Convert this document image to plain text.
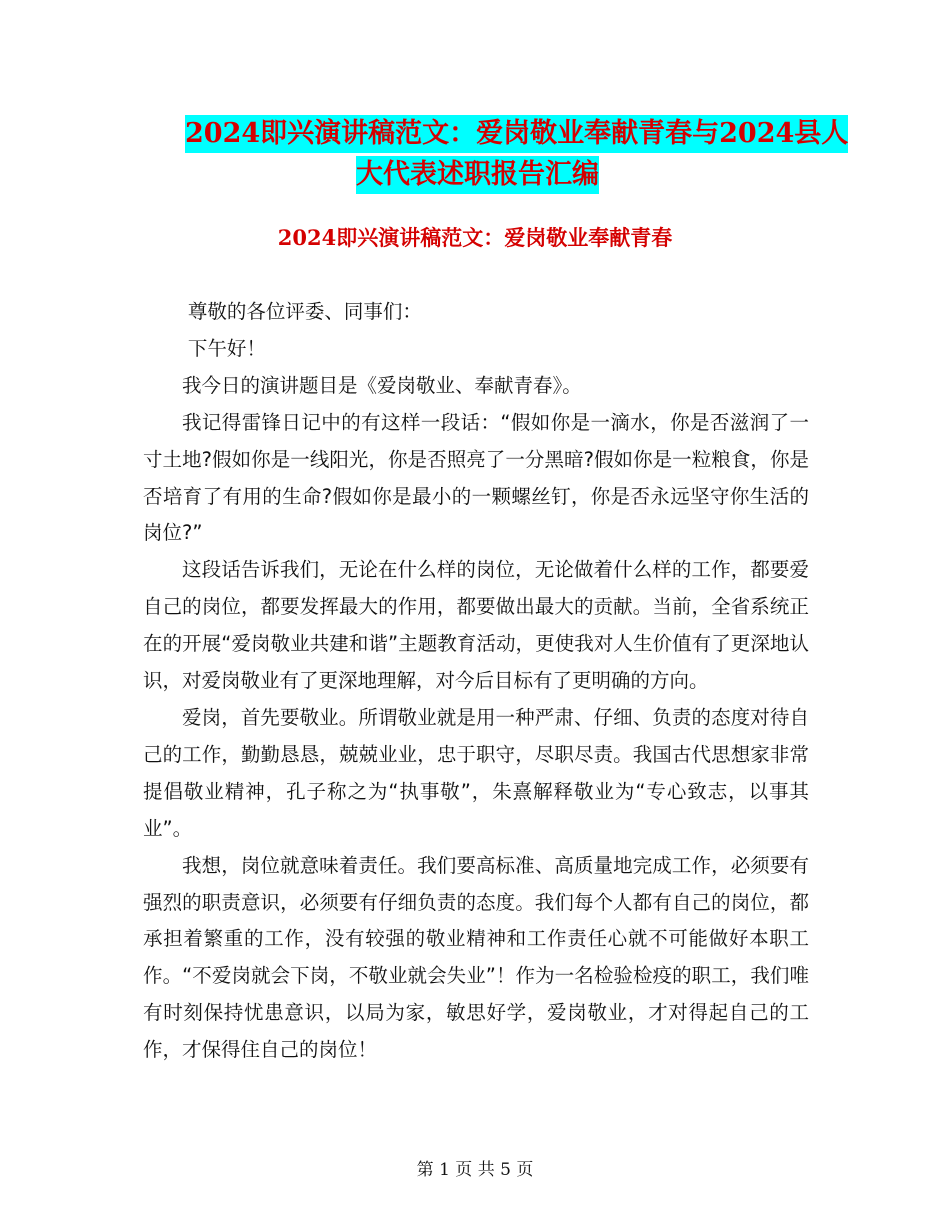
2024即兴演讲稿范文：爱岗敬业奉献青春与2024县人
大代表述职报告汇编
2024即兴演讲稿范文：爱岗敬业奉献青春

尊敬的各位评委、同事们：

下午好！

我今日的演讲题目是《爱岗敬业、奉献青春》。

我记得雷锋日记中的有这样一段话：“假如你是一滴水，你是否滋润了一寸土地?假如你是一线阳光，你是否照亮了一分黑暗?假如你是一粒粮食，你是否培育了有用的生命?假如你是最小的一颗螺丝钉，你是否永远坚守你生活的岗位?”

这段话告诉我们，无论在什么样的岗位，无论做着什么样的工作，都要爱自己的岗位，都要发挥最大的作用，都要做出最大的贡献。当前，全省系统正在的开展“爱岗敬业共建和谐”主题教育活动，更使我对人生价值有了更深地认识，对爱岗敬业有了更深地理解，对今后目标有了更明确的方向。

爱岗，首先要敬业。所谓敬业就是用一种严肃、仔细、负责的态度对待自己的工作，勤勤恳恳，兢兢业业，忠于职守，尽职尽责。我国古代思想家非常提倡敬业精神，孔子称之为“执事敬”，朱熹解释敬业为“专心致志，以事其业”。

我想，岗位就意味着责任。我们要高标准、高质量地完成工作，必须要有强烈的职责意识，必须要有仔细负责的态度。我们每个人都有自己的岗位，都承担着繁重的工作，没有较强的敬业精神和工作责任心就不可能做好本职工作。“不爱岗就会下岗，不敬业就会失业”！作为一名检验检疫的职工，我们唯有时刻保持忧患意识，以局为家，敏思好学，爱岗敬业，才对得起自己的工作，才保得住自己的岗位！

第 1 页 共 5 页
